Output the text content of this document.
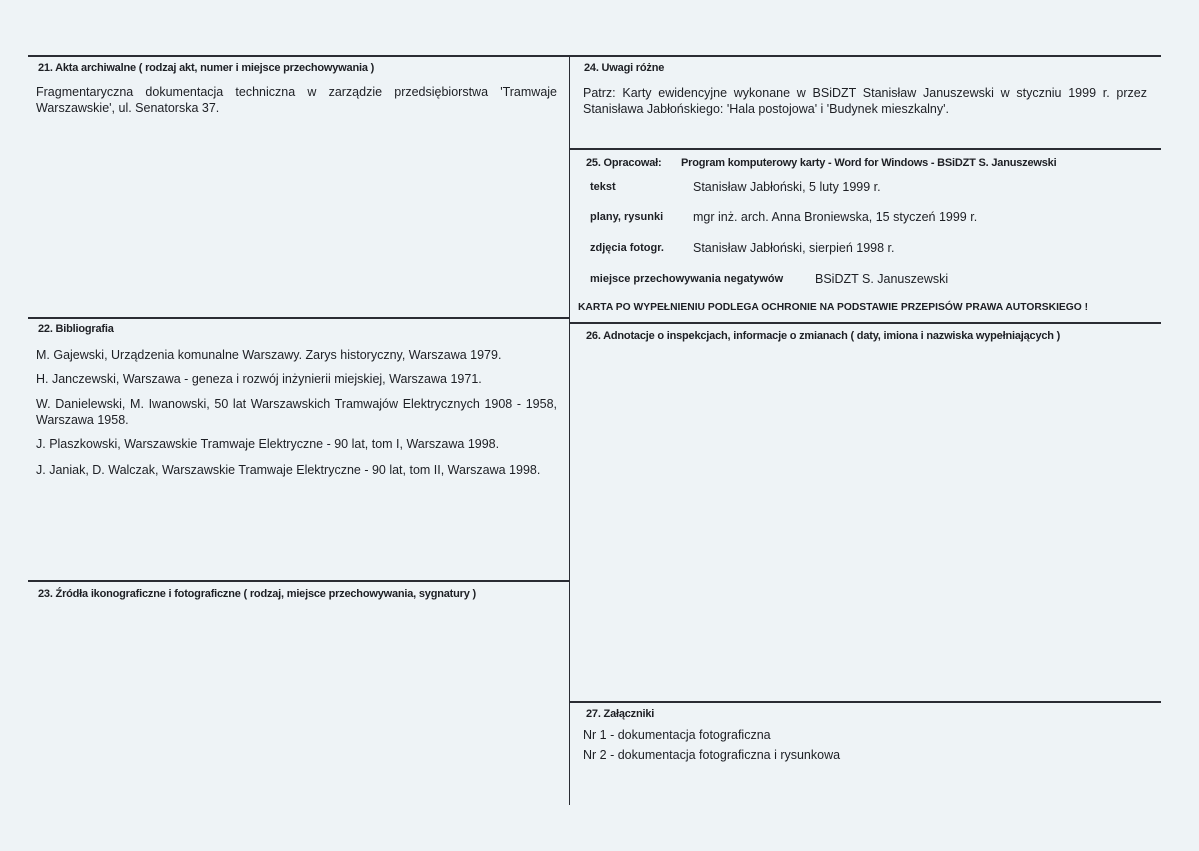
21. Akta archiwalne ( rodzaj akt, numer i miejsce przechowywania )
Fragmentaryczna dokumentacja techniczna w zarządzie przedsiębiorstwa 'Tramwaje Warszawskie', ul. Senatorska 37.
22. Bibliografia
M. Gajewski, Urządzenia komunalne Warszawy. Zarys historyczny, Warszawa 1979.
H. Janczewski, Warszawa - geneza i rozwój inżynierii miejskiej, Warszawa 1971.
W. Danielewski, M. Iwanowski, 50 lat Warszawskich Tramwajów Elektrycznych 1908 - 1958, Warszawa 1958.
J. Plaszkowski, Warszawskie Tramwaje Elektryczne - 90 lat, tom I, Warszawa 1998.
J. Janiak, D. Walczak, Warszawskie Tramwaje Elektryczne - 90 lat, tom II, Warszawa 1998.
23. Źródła ikonograficzne i fotograficzne ( rodzaj, miejsce przechowywania, sygnatury )
24. Uwagi różne
Patrz: Karty ewidencyjne wykonane w BSiDZT Stanisław Januszewski w styczniu 1999 r. przez Stanisława Jabłońskiego: 'Hala postojowa' i 'Budynek mieszkalny'.
25. Opracował: Program komputerowy karty - Word for Windows - BSiDZT S. Januszewski
tekst	Stanisław Jabłoński, 5 luty 1999 r.
plany, rysunki mgr inż. arch. Anna Broniewska, 15 styczeń 1999 r.
zdjęcia fotogr. Stanisław Jabłoński, sierpień 1998 r.
miejsce przechowywania negatywów	BSiDZT S. Januszewski
KARTA PO WYPEŁNIENIU PODLEGA OCHRONIE NA PODSTAWIE PRZEPISÓW PRAWA AUTORSKIEGO !
26. Adnotacje o inspekcjach, informacje o zmianach ( daty, imiona i nazwiska wypełniających )
27. Załączniki
Nr 1 - dokumentacja fotograficzna
Nr 2 - dokumentacja fotograficzna i rysunkowa
